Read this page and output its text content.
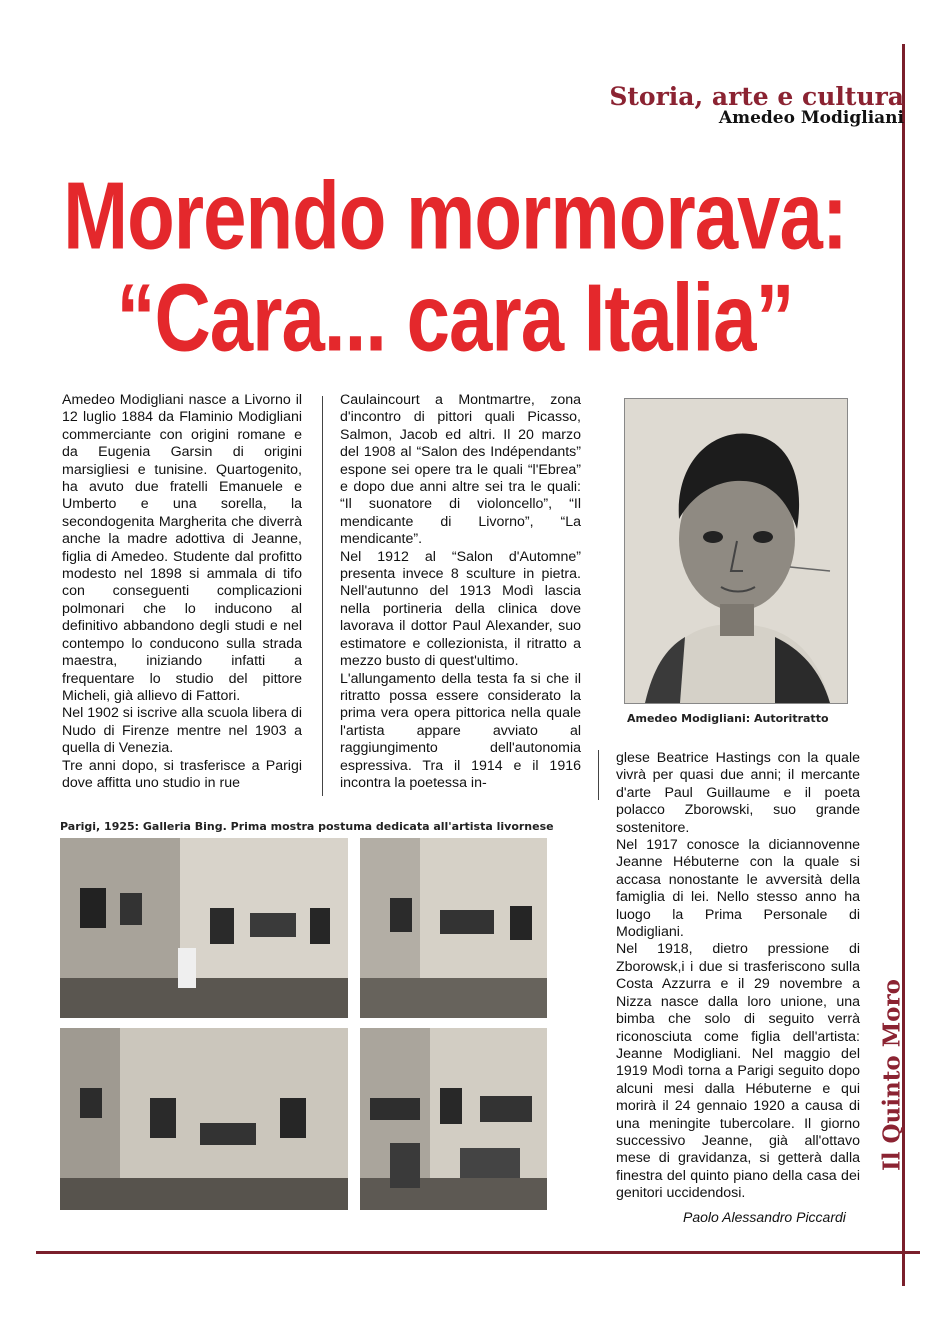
Storia, arte e cultura
Amedeo Modigliani
Morendo mormorava:
“Cara... cara Italia”

Amedeo Modigliani nasce a Livorno il 12 luglio 1884 da Flaminio Modigliani commerciante con origini romane e da Eugenia Garsin di origini marsigliesi e tunisine. Quartogenito, ha avuto due fratelli Emanuele e Umberto e una sorella, la secondogenita Margherita che diverrà anche la madre adottiva di Jeanne, figlia di Amedeo. Studente dal profitto modesto nel 1898 si ammala di tifo con conseguenti complicazioni polmonari che lo inducono al definitivo abbandono degli studi e nel contempo lo conducono sulla strada maestra, iniziando infatti a frequentare lo studio del pittore Micheli, già allievo di Fattori.

Nel 1902 si iscrive alla scuola libera di Nudo di Firenze mentre nel 1903 a quella di Venezia.

Tre anni dopo, si trasferisce a Parigi dove affitta uno studio in rue

Caulaincourt a Montmartre, zona d'incontro di pittori quali Picasso, Salmon, Jacob ed altri. Il 20 marzo del 1908 al “Salon des Indépendants” espone sei opere tra le quali “l'Ebrea” e dopo due anni altre sei tra le quali: “Il suonatore di violoncello”, “Il mendicante di Livorno”, “La mendicante”.

Nel 1912 al “Salon d'Automne” presenta invece 8 sculture in pietra. Nell'autunno del 1913 Modì lascia nella portineria della clinica dove lavorava il dottor Paul Alexander, suo estimatore e collezionista, il ritratto a mezzo busto di quest'ultimo.

L'allungamento della testa fa si che il ritratto possa essere considerato la prima vera opera pittorica nella quale l'artista appare avviato al raggiungimento dell'autonomia espressiva. Tra il 1914 e il 1916 incontra la poetessa in-

Amedeo Modigliani: Autoritratto

glese Beatrice Hastings con la quale vivrà per quasi due anni; il mercante d'arte Paul Guillaume e il poeta polacco Zborowski, suo grande sostenitore.

Nel 1917 conosce la diciannovenne Jeanne Hébuterne con la quale si accasa nonostante le avversità della famiglia di lei. Nello stesso anno ha luogo la Prima Personale di Modigliani.

Nel 1918, dietro pressione di Zborowsk,i i due si trasferiscono sulla Costa Azzurra e il 29 novembre a Nizza nasce dalla loro unione, una bimba che solo di seguito verrà riconosciuta come figlia dell'artista: Jeanne Modigliani. Nel maggio del 1919 Modì torna a Parigi seguito dopo alcuni mesi dalla Hébuterne e qui morirà il 24 gennaio 1920 a causa di una meningite tubercolare. Il giorno successivo Jeanne, già all'ottavo mese di gravidanza, si getterà dalla finestra del quinto piano della casa dei genitori uccidendosi.

Paolo Alessandro Piccardi
Parigi, 1925: Galleria Bing. Prima mostra postuma dedicata all'artista livornese
Il Quinto Moro
